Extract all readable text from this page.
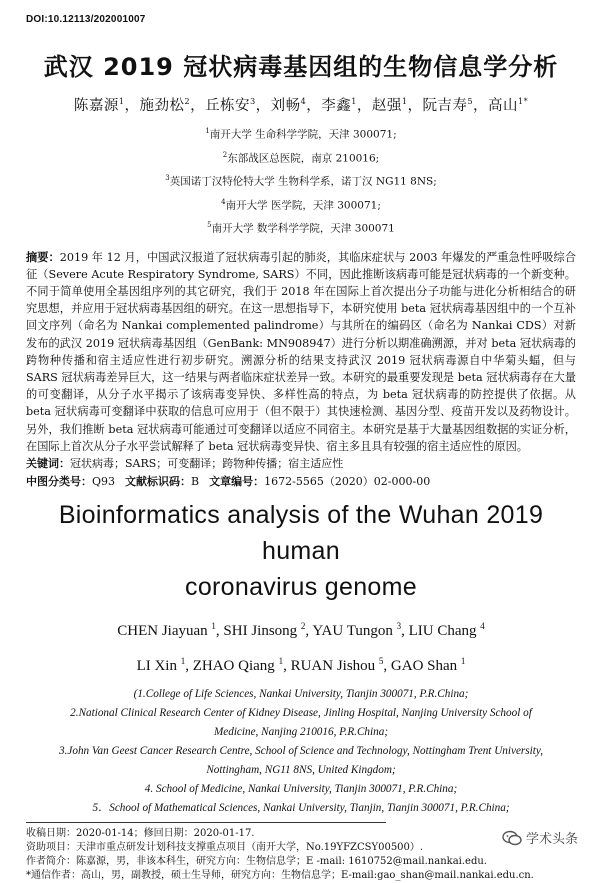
DOI:10.12113/202001007
武汉 2019 冠状病毒基因组的生物信息学分析
陈嘉源$^1$，施劲松$^2$，丘栋安$^3$，刘畅$^4$，李鑫$^1$，赵强$^1$，阮吉寿$^5$，高山$^{1*}$
$^1$南开大学 生命科学学院，天津 300071;
$^2$东部战区总医院，南京 210016;
$^3$英国诺丁汉特伦特大学 生物科学系，诺丁汉 NG11 8NS;
$^4$南开大学 医学院，天津 300071;
$^5$南开大学 数学科学学院，天津 300071
摘要：2019 年 12 月，中国武汉报道了冠状病毒引起的肺炎，其临床症状与 2003 年爆发的严重急性呼吸综合征（Severe Acute Respiratory Syndrome, SARS）不同，因此推断该病毒可能是冠状病毒的一个新变种。不同于简单使用全基因组序列的其它研究，我们于 2018 年在国际上首次提出分子功能与进化分析相结合的研究思想，并应用于冠状病毒基因组的研究。在这一思想指导下，本研究使用 beta 冠状病毒基因组中的一个互补回文序列（命名为 Nankai complemented palindrome）与其所在的编码区（命名为 Nankai CDS）对新发布的武汉 2019 冠状病毒基因组（GenBank: MN908947）进行分析以期准确溯源，并对 beta 冠状病毒的跨物种传播和宿主适应性进行初步研究。溯源分析的结果支持武汉 2019 冠状病毒源自中华菊头蝠，但与 SARS 冠状病毒差异巨大，这一结果与两者临床症状差异一致。本研究的最重要发现是 beta 冠状病毒存在大量的可变翻译，从分子水平揭示了该病毒变异快、多样性高的特点，为 beta 冠状病毒的防控提供了依据。从 beta 冠状病毒可变翻译中获取的信息可应用于（但不限于）其快速检测、基因分型、疫苗开发以及药物设计。另外，我们推断 beta 冠状病毒可能通过可变翻译以适应不同宿主。本研究是基于大量基因组数据的实证分析，在国际上首次从分子水平尝试解释了 beta 冠状病毒变异快、宿主多且具有较强的宿主适应性的原因。
关键词：冠状病毒；SARS；可变翻译；跨物种传播；宿主适应性
中图分类号：Q93 文献标识码：B 文章编号：1672-5565（2020）02-000-00
Bioinformatics analysis of the Wuhan 2019 human
coronavirus genome
CHEN Jiayuan $^1$, SHI Jinsong $^2$, YAU Tungon $^3$, LIU Chang $^4$
LI Xin $^1$, ZHAO Qiang $^1$, RUAN Jishou $^5$, GAO Shan $^1$
(1.College of Life Sciences, Nankai University, Tianjin 300071, P.R.China;
2.National Clinical Research Center of Kidney Disease, Jinling Hospital, Nanjing University School of
Medicine, Nanjing 210016, P.R.China;
3.John Van Geest Cancer Research Centre, School of Science and Technology, Nottingham Trent University,
Nottingham, NG11 8NS, United Kingdom;
4. School of Medicine, Nankai University, Tianjin 300071, P.R.China;
5．School of Mathematical Sciences, Nankai University, Tianjin, Tianjin 300071, P.R.China;
收稿日期：2020-01-14；修回日期：2020-01-17.
资助项目：天津市重点研发计划科技支撑重点项目（南开大学，No.19YFZCSY00500）.
作者简介：陈嘉源，男，非该本科生，研究方向：生物信息学；E -mail: 1610752@mail.nankai.edu.
*通信作者：高山，男，副教授，硕士生导师，研究方向：生物信息学；E-mail:gao_shan@mail.nankai.edu.cn.
学术头条
